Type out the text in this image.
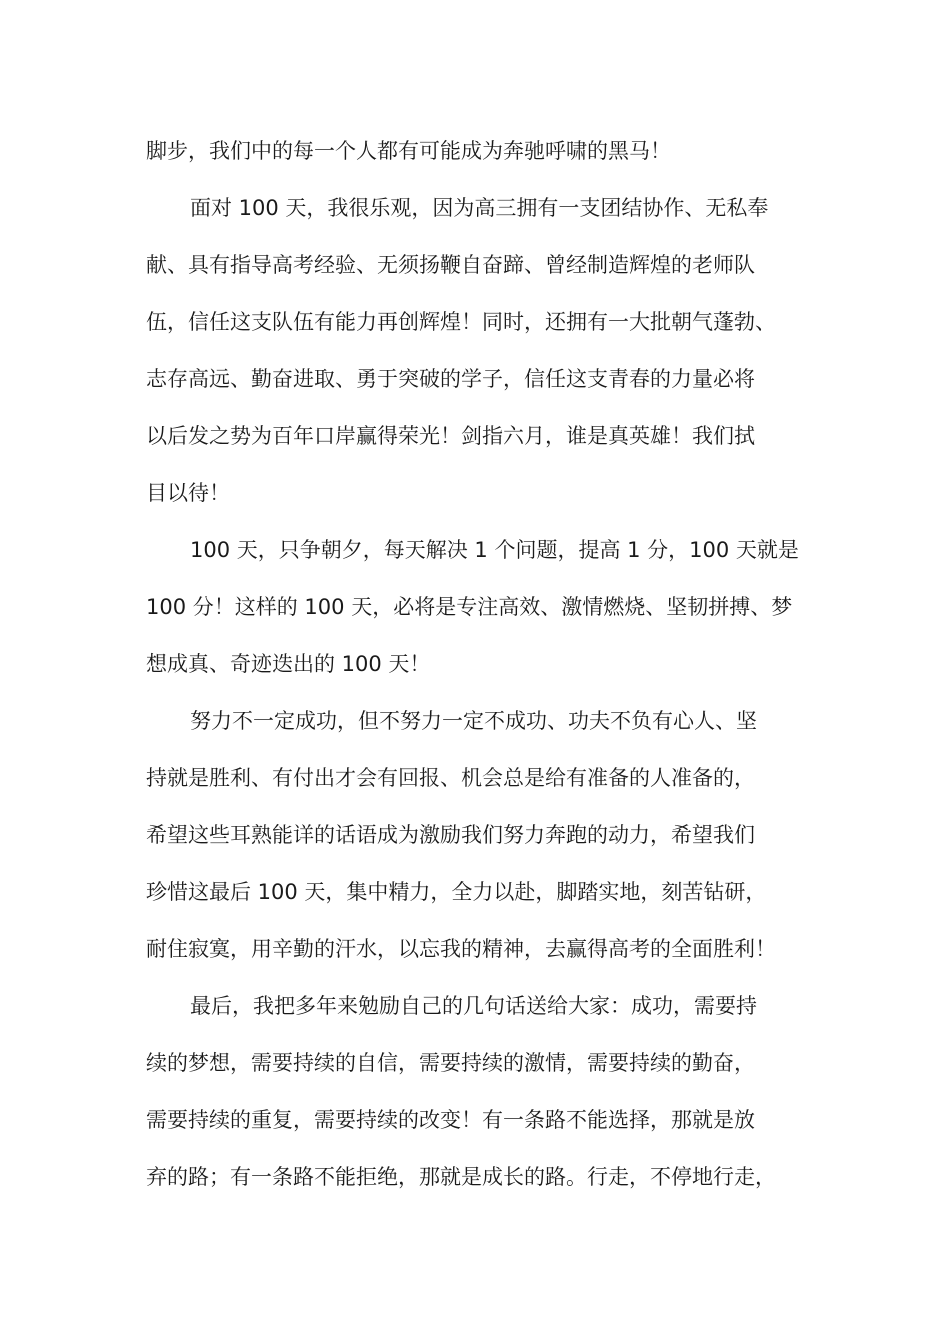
脚步，我们中的每一个人都有可能成为奔驰呼啸的黑马！
面对 100 天，我很乐观，因为高三拥有一支团结协作、无私奉
献、具有指导高考经验、无须扬鞭自奋蹄、曾经制造辉煌的老师队
伍，信任这支队伍有能力再创辉煌！同时，还拥有一大批朝气蓬勃、
志存高远、勤奋进取、勇于突破的学子，信任这支青春的力量必将
以后发之势为百年口岸赢得荣光！剑指六月，谁是真英雄！我们拭
目以待！
100 天，只争朝夕，每天解决 1 个问题，提高 1 分，100 天就是
100 分！这样的 100 天，必将是专注高效、激情燃烧、坚韧拼搏、梦
想成真、奇迹迭出的 100 天！
努力不一定成功，但不努力一定不成功、功夫不负有心人、坚
持就是胜利、有付出才会有回报、机会总是给有准备的人准备的，
希望这些耳熟能详的话语成为激励我们努力奔跑的动力，希望我们
珍惜这最后 100 天，集中精力，全力以赴，脚踏实地，刻苦钻研，
耐住寂寞，用辛勤的汗水，以忘我的精神，去赢得高考的全面胜利！
最后，我把多年来勉励自己的几句话送给大家：成功，需要持
续的梦想，需要持续的自信，需要持续的激情，需要持续的勤奋，
需要持续的重复，需要持续的改变！有一条路不能选择，那就是放
弃的路；有一条路不能拒绝，那就是成长的路。行走，不停地行走，
